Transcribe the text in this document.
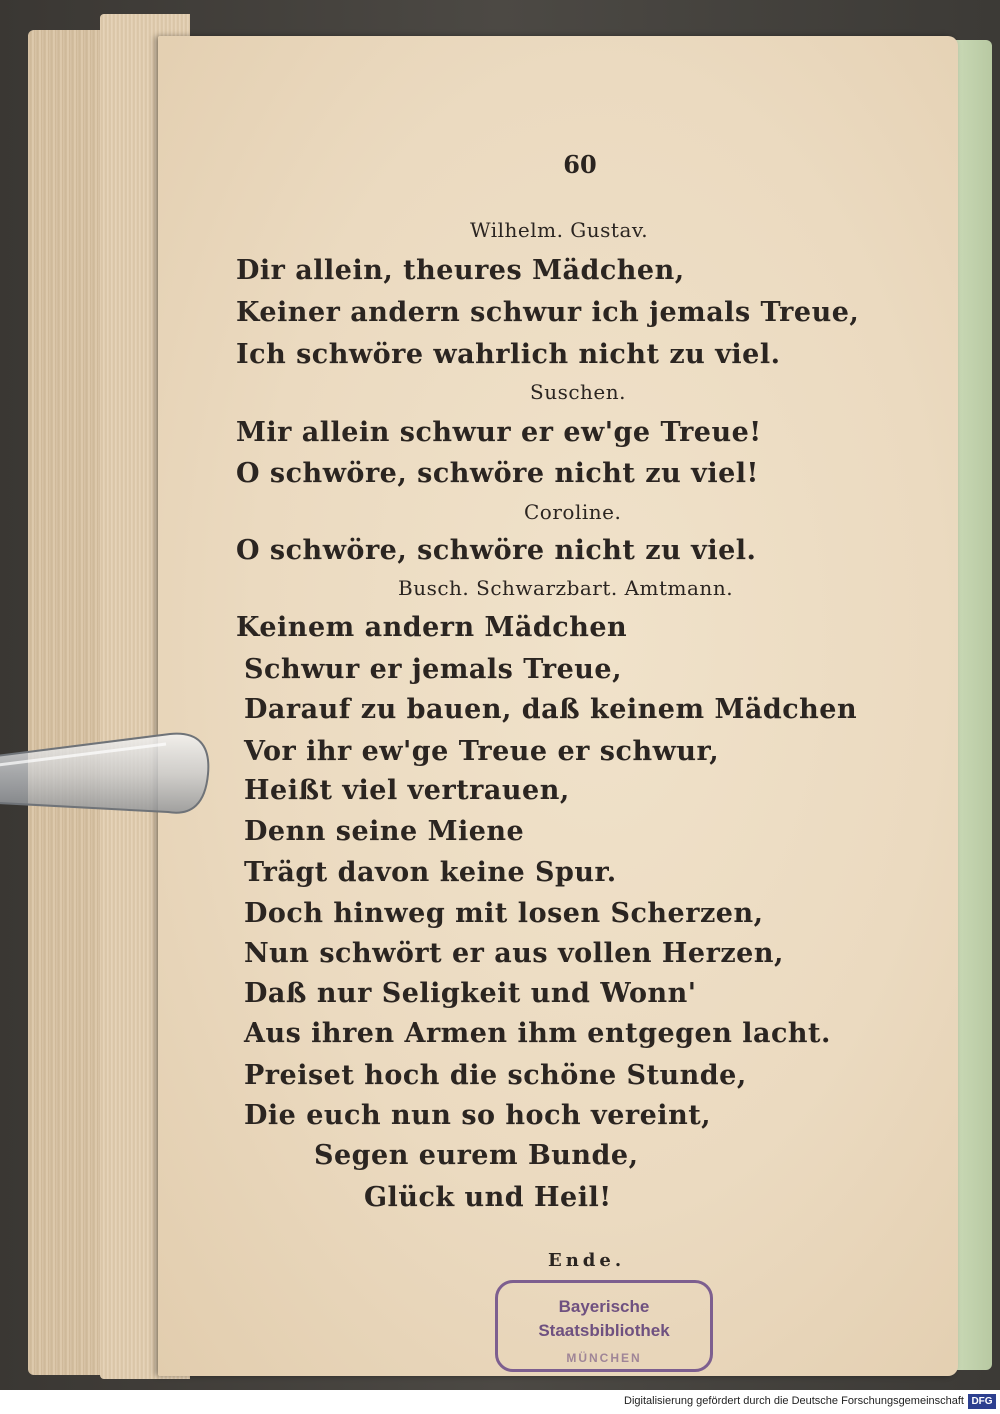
60
Wilhelm. Gustav.
Dir allein, theures Mädchen,
Keiner andern schwur ich jemals Treue,
Ich schwöre wahrlich nicht zu viel.
Suschen.
Mir allein schwur er ew'ge Treue!
O schwöre, schwöre nicht zu viel!
Coroline.
O schwöre, schwöre nicht zu viel.
Busch. Schwarzbart. Amtmann.
Keinem andern Mädchen
Schwur er jemals Treue,
Darauf zu bauen, daß keinem Mädchen
Vor ihr ew'ge Treue er schwur,
Heißt viel vertrauen,
Denn seine Miene
Trägt davon keine Spur.
Doch hinweg mit losen Scherzen,
Nun schwört er aus vollen Herzen,
Daß nur Seligkeit und Wonn'
Aus ihren Armen ihm entgegen lacht.
Preiset hoch die schöne Stunde,
Die euch nun so hoch vereint,
Segen eurem Bunde,
Glück und Heil!
Ende.
Bayerische
Staatsbibliothek
MÜNCHEN
Digitalisierung gefördert durch die Deutsche Forschungsgemeinschaft DFG
